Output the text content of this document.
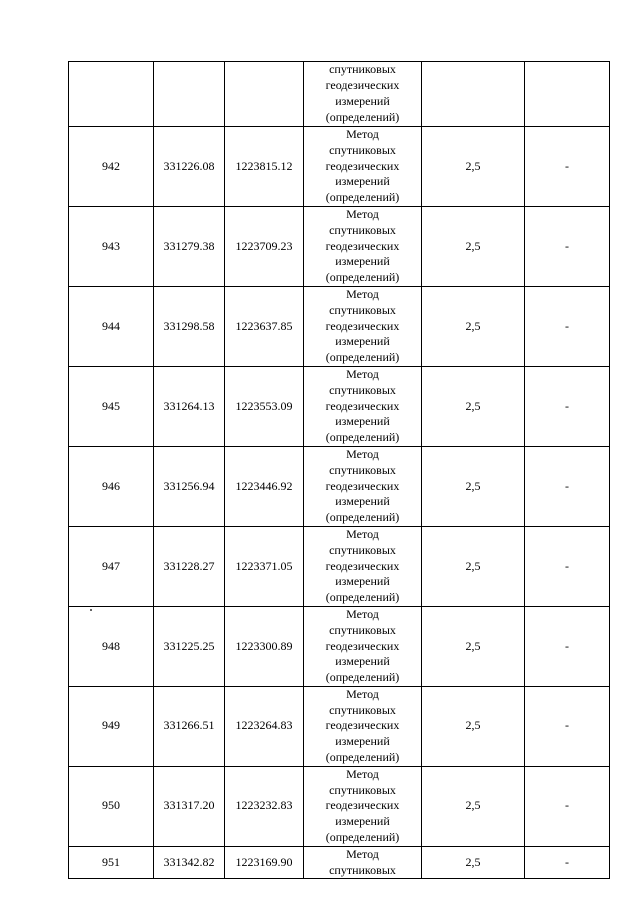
			спутниковых
геодезических
измерений
(определений)		
942	331226.08	1223815.12	Метод
спутниковых
геодезических
измерений
(определений)	2,5	-
943	331279.38	1223709.23	Метод
спутниковых
геодезических
измерений
(определений)	2,5	-
944	331298.58	1223637.85	Метод
спутниковых
геодезических
измерений
(определений)	2,5	-
945	331264.13	1223553.09	Метод
спутниковых
геодезических
измерений
(определений)	2,5	-
946	331256.94	1223446.92	Метод
спутниковых
геодезических
измерений
(определений)	2,5	-
947	331228.27	1223371.05	Метод
спутниковых
геодезических
измерений
(определений)	2,5	-
948	331225.25	1223300.89	Метод
спутниковых
геодезических
измерений
(определений)	2,5	-
949	331266.51	1223264.83	Метод
спутниковых
геодезических
измерений
(определений)	2,5	-
950	331317.20	1223232.83	Метод
спутниковых
геодезических
измерений
(определений)	2,5	-
951	331342.82	1223169.90	Метод
спутниковых	2,5	-
